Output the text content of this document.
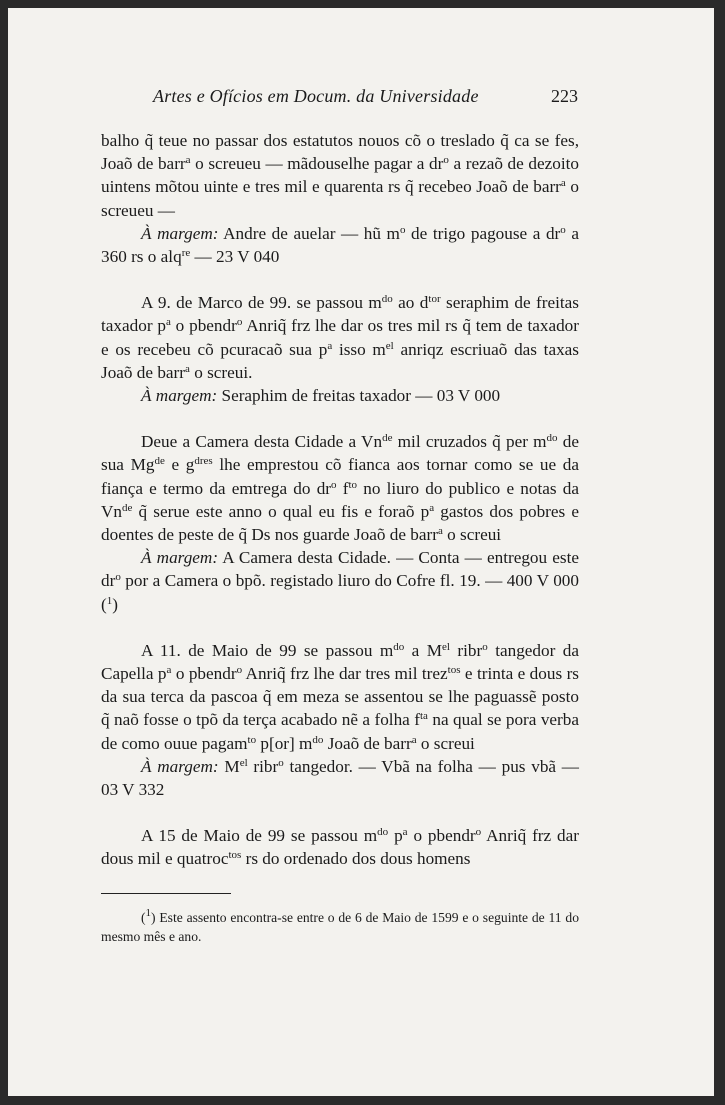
Artes e Ofícios em Docum. da Universidade	223

balho q̃ teue no passar dos estatutos nouos cõ o treslado q̃ ca se fes, Joaõ de barr$^a$ o screueu — mãdouselhe pagar a $dr^o$ a rezaõ de dezoito uintens mõtou uinte e tres mil e quarenta rs q̃ recebeo Joaõ de barr$^a$ o screueu —

À margem: Andre de auelar — hũ $m^o$ de trigo pagouse a $dr^o$ a 360 rs o alq$^{re}$ — 23 V 040

A 9. de Marco de 99. se passou $m^{do}$ ao $d^{tor}$ seraphim de freitas taxador $p^a$ o pbendr$^o$ Anriq̃ frz lhe dar os tres mil rs q̃ tem de taxador e os recebeu cõ pcuracaõ sua $p^a$ isso $m^{el}$ anriqz escriuaõ das taxas Joaõ de barr$^a$ o screui.

À margem: Seraphim de freitas taxador — 03 V 000

Deue a Camera desta Cidade a $Vn^{de}$ mil cruzados q̃ per $m^{do}$ de sua $Mg^{de}$ e $g^{dres}$ lhe emprestou cõ fianca aos tornar como se ue da fiança e termo da emtrega do $dr^o$ $f^{to}$ no liuro do publico e notas da $Vn^{de}$ q̃ serue este anno o qual eu fis e foraõ $p^a$ gastos dos pobres e doentes de peste de q̃ Ds nos guarde Joaõ de barr$^a$ o screui

À margem: A Camera desta Cidade. — Conta — entregou este $dr^o$ por a Camera o bpõ. registado liuro do Cofre fl. 19. — 400 V 000 ($^1$)

A 11. de Maio de 99 se passou $m^{do}$ a $M^{el}$ ribr$^o$ tangedor da Capella $p^a$ o pbendr$^o$ Anriq̃ frz lhe dar tres mil trez$^{tos}$ e trinta e dous rs da sua terca da pascoa q̃ em meza se assentou se lhe paguassẽ posto q̃ naõ fosse o tpõ da terça acabado nẽ a folha $f^{ta}$ na qual se pora verba de como ouue pagam$^{to}$ p[or] $m^{do}$ Joaõ de barr$^a$ o screui

À margem: $M^{el}$ ribr$^o$ tangedor. — Vbã na folha — pus vbã — 03 V 332

A 15 de Maio de 99 se passou $m^{do}$ $p^a$ o pbendr$^o$ Anriq̃ frz dar dous mil e quatroc$^{tos}$ rs do ordenado dos dous homens

($^1$) Este assento encontra-se entre o de 6 de Maio de 1599 e o seguinte de 11 do mesmo mês e ano.
